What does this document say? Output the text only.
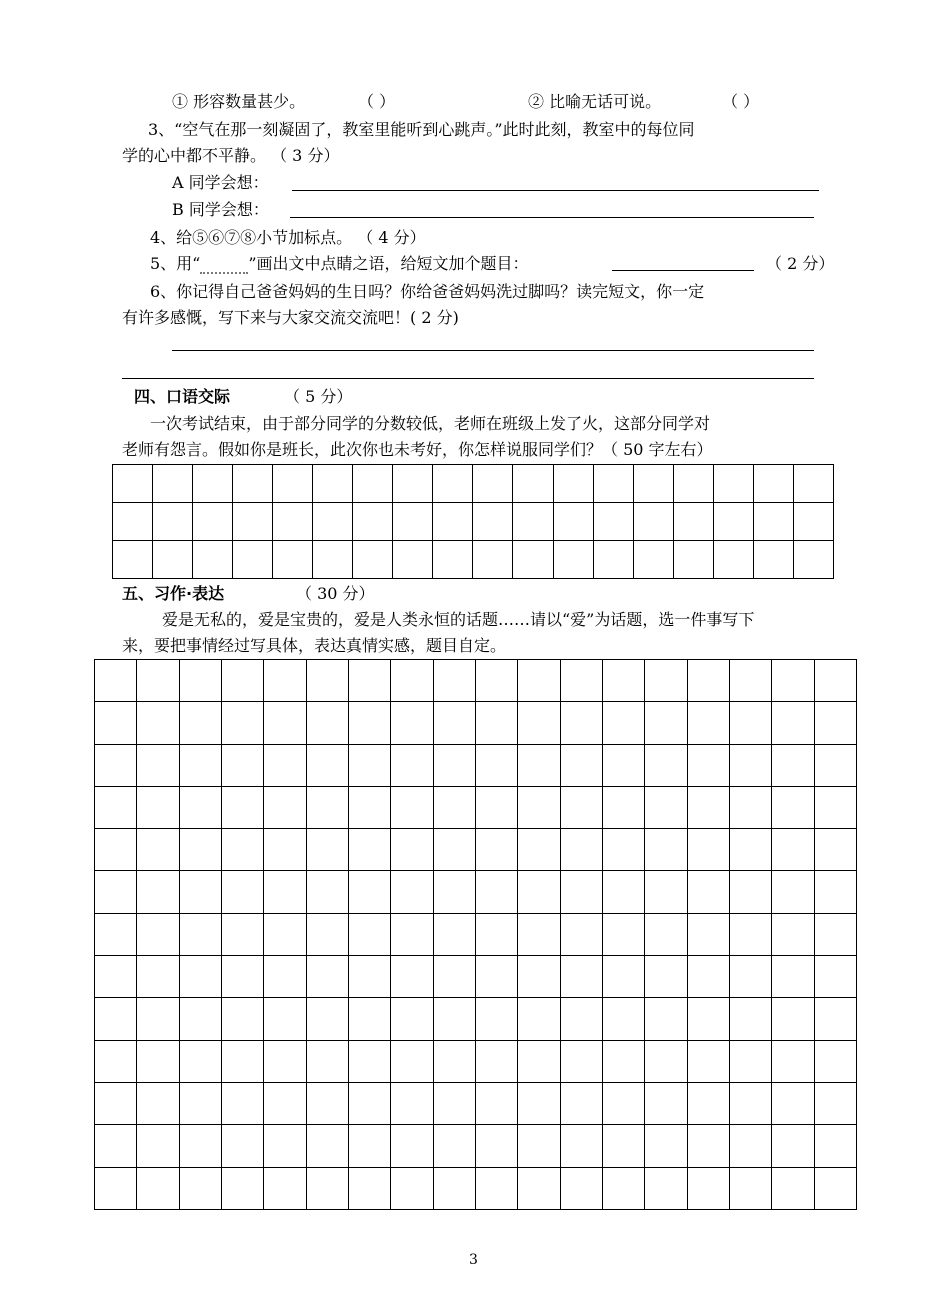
① 形容数量甚少。	（ ）	② 比喻无话可说。	（ ）
3、“空气在那一刻凝固了，教室里能听到心跳声。”此时此刻，教室中的每位同
学的心中都不平静。 （ 3 分）
A 同学会想：
B 同学会想：
4、给⑤⑥⑦⑧小节加标点。 （ 4 分）
5、用“	”画出文中点睛之语，给短文加个题目：	（ 2 分）
6、你记得自己爸爸妈妈的生日吗？你给爸爸妈妈洗过脚吗？读完短文，你一定
有许多感慨，写下来与大家交流交流吧！( 2 分)
四、口语交际	（ 5 分）
一次考试结束，由于部分同学的分数较低，老师在班级上发了火，这部分同学对
老师有怨言。假如你是班长，此次你也未考好，你怎样说服同学们？（ 50 字左右）

五、习作·表达	（ 30 分）
爱是无私的，爱是宝贵的，爱是人类永恒的话题……请以“爱”为话题，选一件事写下
来，要把事情经过写具体，表达真情实感，题目自定。

3
